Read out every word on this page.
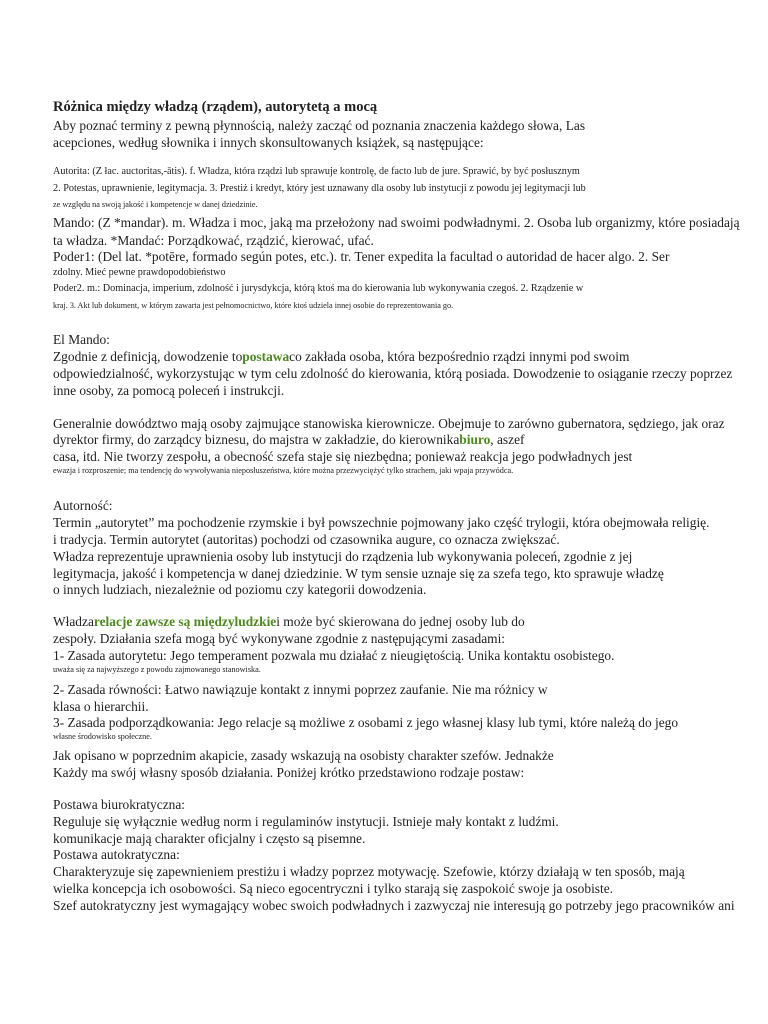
Różnica między władzą (rządem), autorytetą a mocą
Aby poznać terminy z pewną płynnością, należy zacząć od poznania znaczenia każdego słowa, Las
acepciones, według słownika i innych skonsultowanych książek, są następujące:
Autorita: (Z łac. auctoritas,-ātis). f. Władza, która rządzi lub sprawuje kontrolę, de facto lub de jure. Sprawić, by być posłusznym
2. Potestas, uprawnienie, legitymacja. 3. Prestiż i kredyt, który jest uznawany dla osoby lub instytucji z powodu jej legitymacji lub
ze względu na swoją jakość i kompetencje w danej dziedzinie.
Mando: (Z *mandar). m. Władza i moc, jaką ma przełożony nad swoimi podwładnymi. 2. Osoba lub organizmy, które posiadają
ta władza. *Mandać: Porządkować, rządzić, kierować, ufać.
Poder1: (Del lat. *potēre, formado según potes, etc.). tr. Tener expedita la facultad o autoridad de hacer algo. 2. Ser
zdolny. Mieć pewne prawdopodobieństwo
Poder2. m.: Dominacja, imperium, zdolność i jurysdykcja, którą ktoś ma do kierowania lub wykonywania czegoś. 2. Rządzenie w
kraj. 3. Akt lub dokument, w którym zawarta jest pełnomocnictwo, które ktoś udziela innej osobie do reprezentowania go.
El Mando:
Zgodnie z definicją, dowodzenie topostawaco zakłada osoba, która bezpośrednio rządzi innymi pod swoim
odpowiedzialność, wykorzystując w tym celu zdolność do kierowania, którą posiada. Dowodzenie to osiąganie rzeczy poprzez
inne osoby, za pomocą poleceń i instrukcji.
Generalnie dowództwo mają osoby zajmujące stanowiska kierownicze. Obejmuje to zarówno gubernatora, sędziego, jak oraz
dyrektor firmy, do zarządcy biznesu, do majstra w zakładzie, do kierownikabiuro, aszef
casa, itd. Nie tworzy zespołu, a obecność szefa staje się niezbędna; ponieważ reakcja jego podwładnych jest
ewazja i rozproszenie; ma tendencję do wywoływania nieposłuszeństwa, które można przezwyciężyć tylko strachem, jaki wpaja przywódca.
Autorność:
Termin „autorytet” ma pochodzenie rzymskie i był powszechnie pojmowany jako część trylogii, która obejmowała religię.
i tradycja. Termin autorytet (autoritas) pochodzi od czasownika augure, co oznacza zwiększać.
Władza reprezentuje uprawnienia osoby lub instytucji do rządzenia lub wykonywania poleceń, zgodnie z jej
legitymacja, jakość i kompetencja w danej dziedzinie. W tym sensie uznaje się za szefa tego, kto sprawuje władzę
o innych ludziach, niezależnie od poziomu czy kategorii dowodzenia.
Władzarelacje zawsze są międzyludzkiei może być skierowana do jednej osoby lub do
zespoły. Działania szefa mogą być wykonywane zgodnie z następującymi zasadami:
1- Zasada autorytetu: Jego temperament pozwala mu działać z nieugiętością. Unika kontaktu osobistego.
uważa się za najwyższego z powodu zajmowanego stanowiska.
2- Zasada równości: Łatwo nawiązuje kontakt z innymi poprzez zaufanie. Nie ma różnicy w
klasa o hierarchii.
3- Zasada podporządkowania: Jego relacje są możliwe z osobami z jego własnej klasy lub tymi, które należą do jego
własne środowisko społeczne.
Jak opisano w poprzednim akapicie, zasady wskazują na osobisty charakter szefów. Jednakże
Każdy ma swój własny sposób działania. Poniżej krótko przedstawiono rodzaje postaw:
Postawa biurokratyczna:
Reguluje się wyłącznie według norm i regulaminów instytucji. Istnieje mały kontakt z ludźmi.
komunikacje mają charakter oficjalny i często są pisemne.
Postawa autokratyczna:
Charakteryzuje się zapewnieniem prestiżu i władzy poprzez motywację. Szefowie, którzy działają w ten sposób, mają
wielka koncepcja ich osobowości. Są nieco egocentryczni i tylko starają się zaspokoić swoje ja osobiste.
Szef autokratyczny jest wymagający wobec swoich podwładnych i zazwyczaj nie interesują go potrzeby jego pracowników ani
